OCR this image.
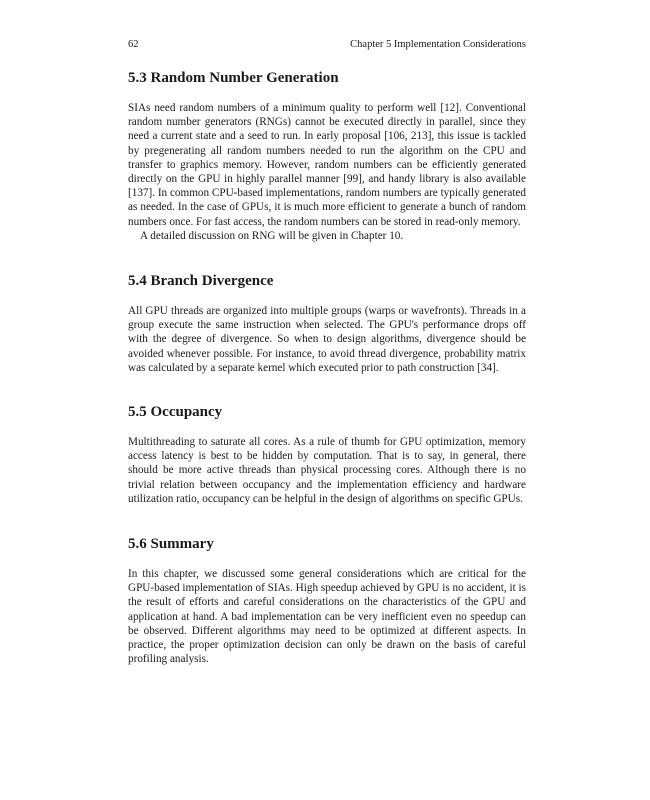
62	Chapter 5 Implementation Considerations
5.3 Random Number Generation

SIAs need random numbers of a minimum quality to perform well [12]. Conventional random number generators (RNGs) cannot be executed directly in parallel, since they need a current state and a seed to run. In early proposal [106, 213], this issue is tackled by pregenerating all random numbers needed to run the algorithm on the CPU and transfer to graphics memory. However, random numbers can be efficiently generated directly on the GPU in highly parallel manner [99], and handy library is also available [137]. In common CPU-based implementations, random numbers are typically generated as needed. In the case of GPUs, it is much more efficient to generate a bunch of random numbers once. For fast access, the random numbers can be stored in read-only memory.

A detailed discussion on RNG will be given in Chapter 10.

5.4 Branch Divergence

All GPU threads are organized into multiple groups (warps or wavefronts). Threads in a group execute the same instruction when selected. The GPU's performance drops off with the degree of divergence. So when to design algorithms, divergence should be avoided whenever possible. For instance, to avoid thread divergence, probability matrix was calculated by a separate kernel which executed prior to path construction [34].

5.5 Occupancy

Multithreading to saturate all cores. As a rule of thumb for GPU optimization, memory access latency is best to be hidden by computation. That is to say, in general, there should be more active threads than physical processing cores. Although there is no trivial relation between occupancy and the implementation efficiency and hardware utilization ratio, occupancy can be helpful in the design of algorithms on specific GPUs.

5.6 Summary

In this chapter, we discussed some general considerations which are critical for the GPU-based implementation of SIAs. High speedup achieved by GPU is no accident, it is the result of efforts and careful considerations on the characteristics of the GPU and application at hand. A bad implementation can be very inefficient even no speedup can be observed. Different algorithms may need to be optimized at different aspects. In practice, the proper optimization decision can only be drawn on the basis of careful profiling analysis.
